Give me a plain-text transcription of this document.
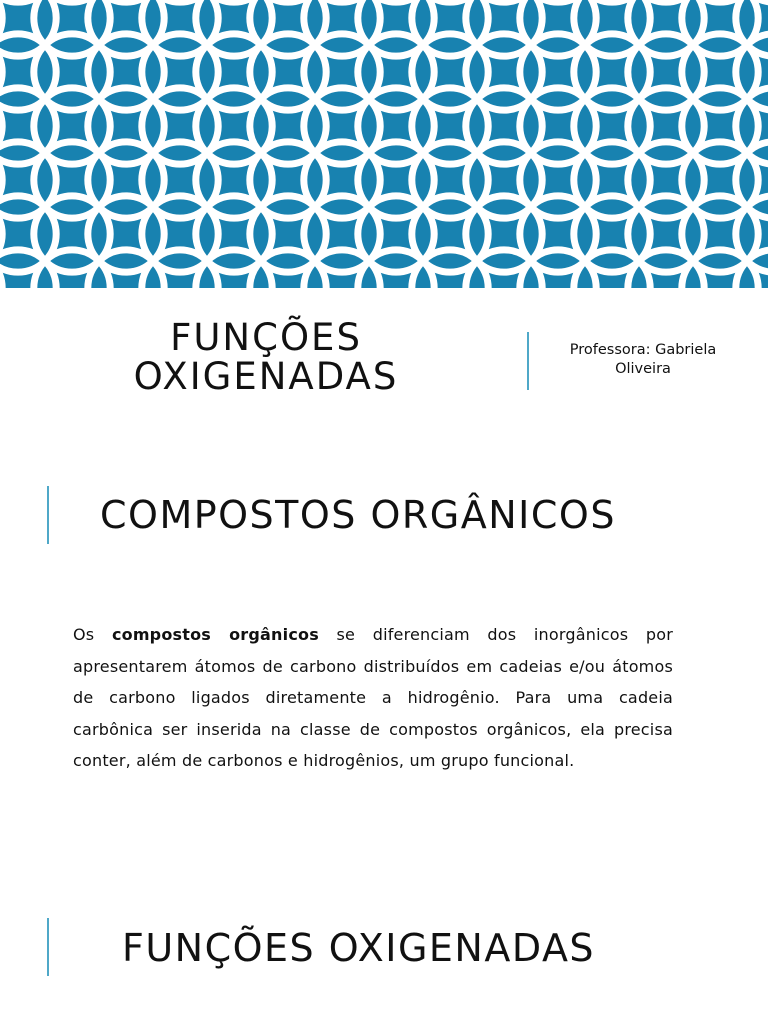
FUNÇÕES
OXIGENADAS
Professora: Gabriela
Oliveira
COMPOSTOS ORGÂNICOS
Os compostos orgânicos se diferenciam dos inorgânicos por apresentarem átomos de carbono distribuídos em cadeias e/ou átomos de carbono ligados diretamente a hidrogênio. Para uma cadeia carbônica ser inserida na classe de compostos orgânicos, ela precisa conter, além de carbonos e hidrogênios, um grupo funcional.
FUNÇÕES OXIGENADAS
